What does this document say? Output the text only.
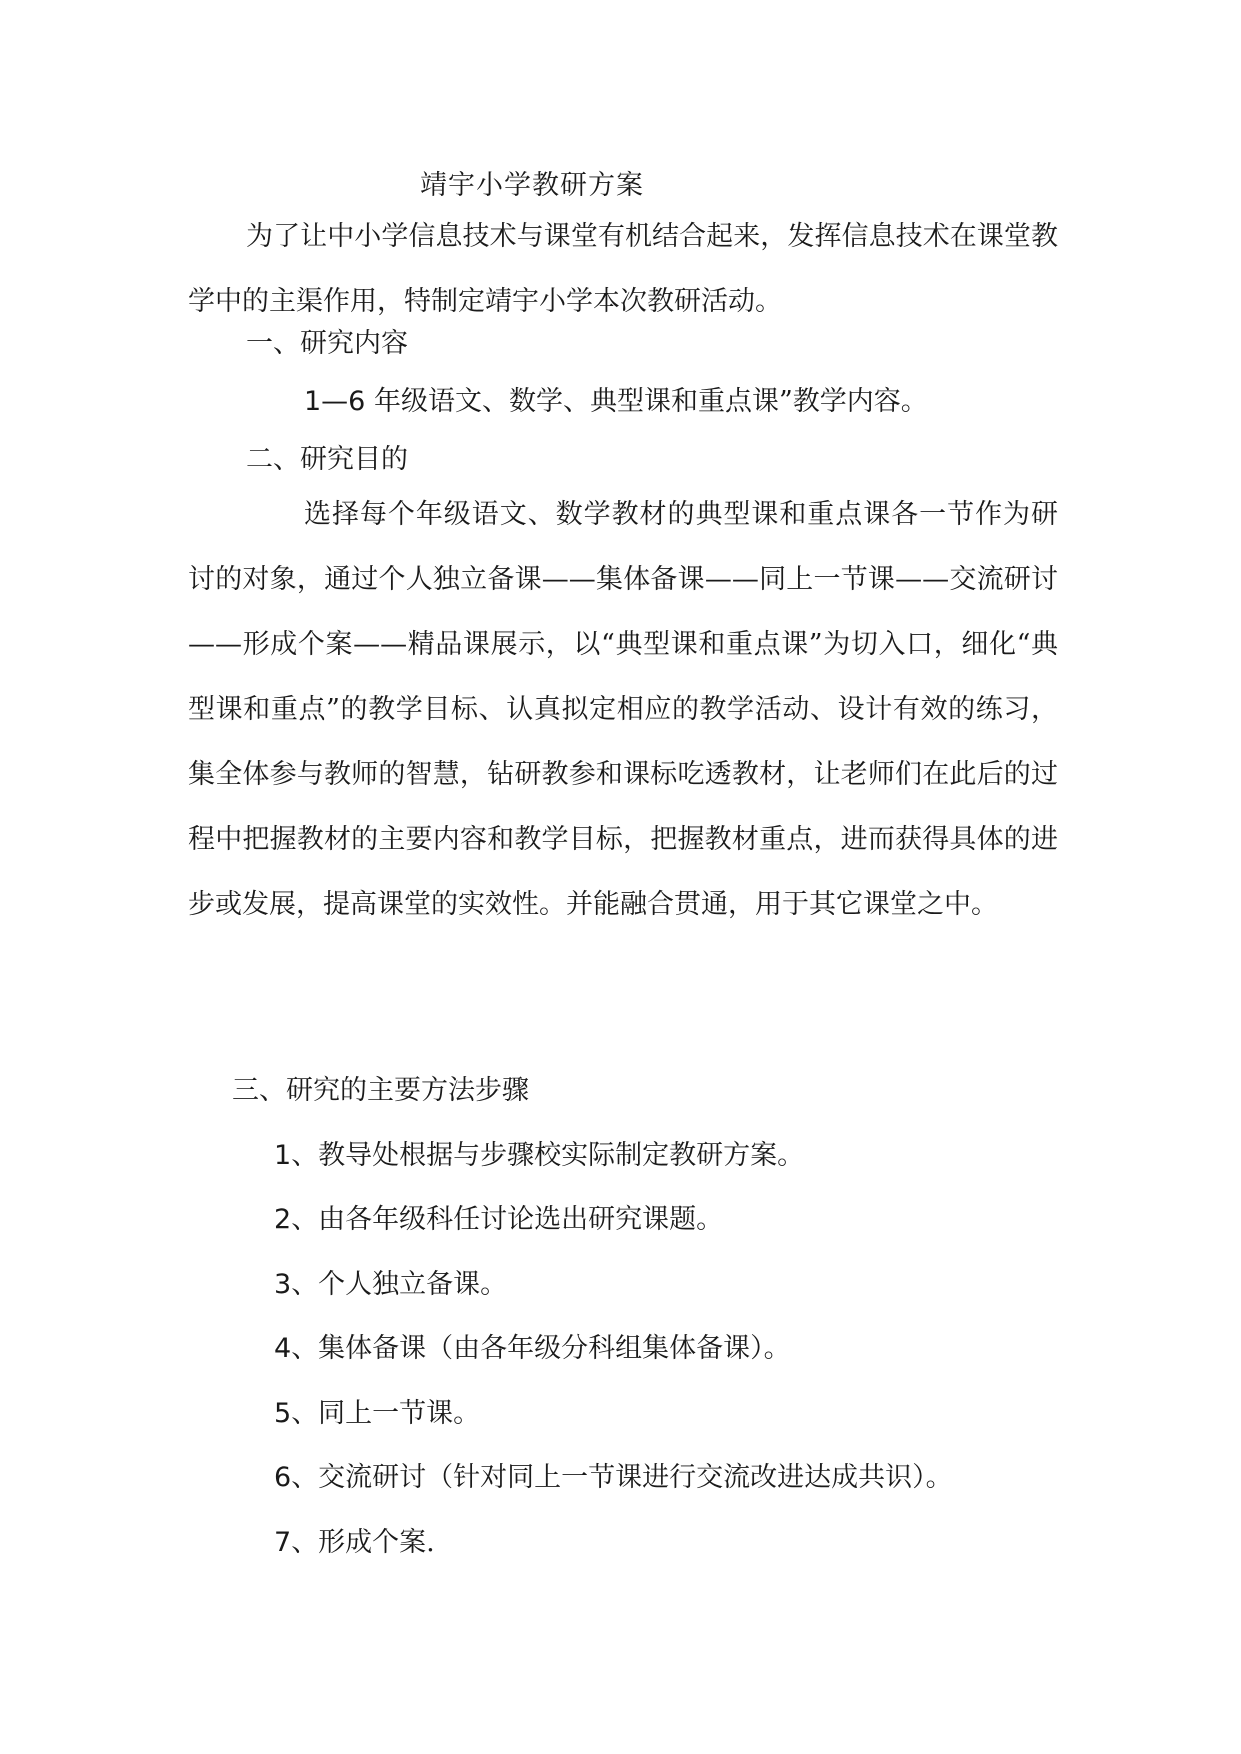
靖宇小学教研方案

为了让中小学信息技术与课堂有机结合起来，发挥信息技术在课堂教学中的主渠作用，特制定靖宇小学本次教研活动。

一、研究内容
1—6 年级语文、数学、典型课和重点课”教学内容。
二、研究目的

选择每个年级语文、数学教材的典型课和重点课各一节作为研讨的对象，通过个人独立备课——集体备课——同上一节课——交流研讨——形成个案——精品课展示，以“典型课和重点课”为切入口，细化“典型课和重点”的教学目标、认真拟定相应的教学活动、设计有效的练习，集全体参与教师的智慧，钻研教参和课标吃透教材，让老师们在此后的过程中把握教材的主要内容和教学目标，把握教材重点，进而获得具体的进步或发展，提高课堂的实效性。并能融合贯通，用于其它课堂之中。

三、研究的主要方法步骤
1、教导处根据与步骤校实际制定教研方案。
2、由各年级科任讨论选出研究课题。
3、个人独立备课。
4、集体备课（由各年级分科组集体备课）。
5、同上一节课。
6、交流研讨（针对同上一节课进行交流改进达成共识）。
7、形成个案.
